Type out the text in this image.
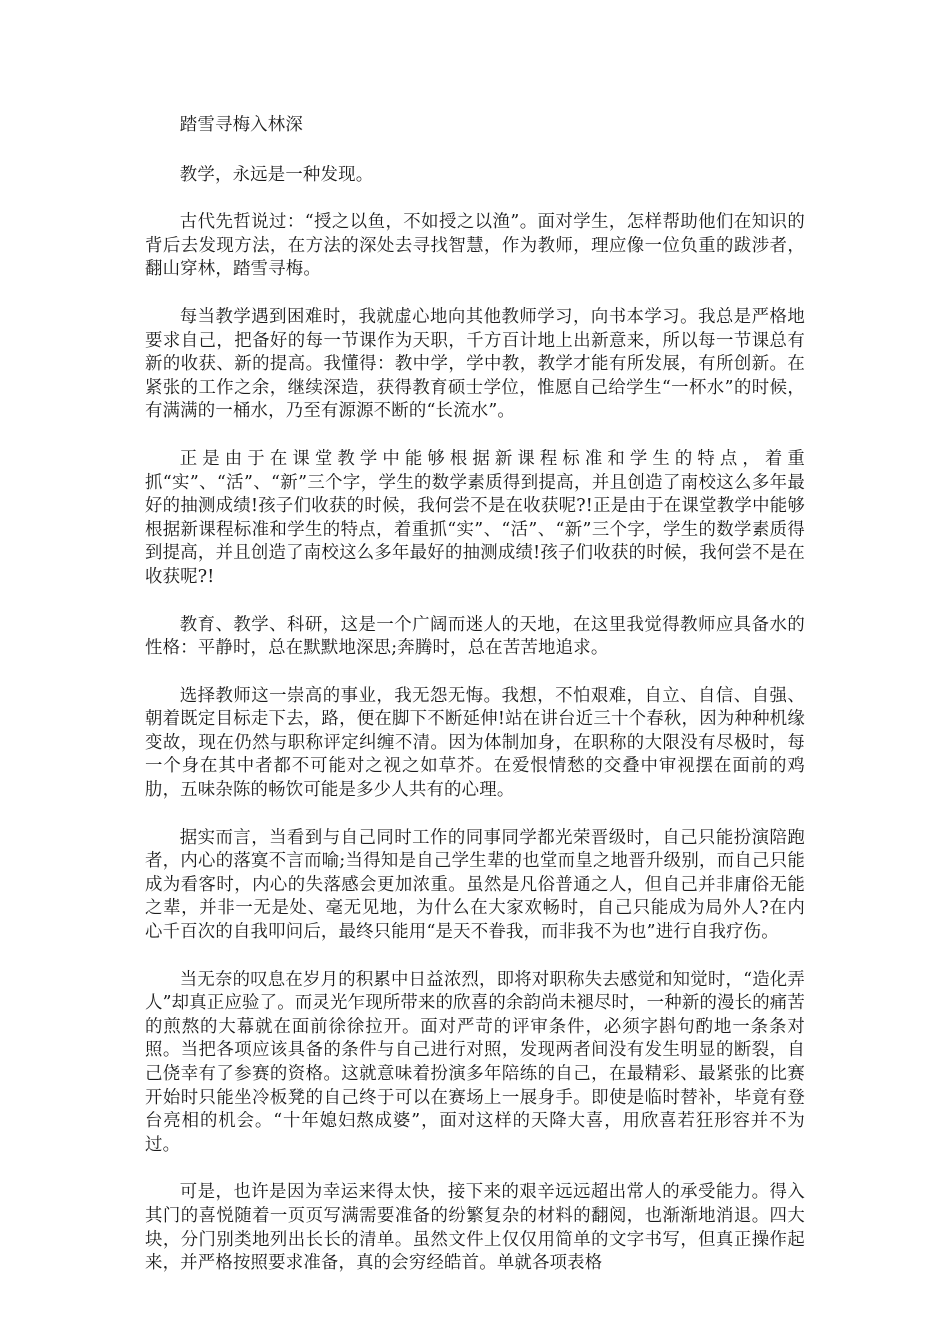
踏雪寻梅入林深

教学，永远是一种发现。

古代先哲说过：“授之以鱼，不如授之以渔”。面对学生，怎样帮助他们在知识的背后去发现方法，在方法的深处去寻找智慧，作为教师，理应像一位负重的跋涉者，翻山穿林，踏雪寻梅。

每当教学遇到困难时，我就虚心地向其他教师学习，向书本学习。我总是严格地要求自己，把备好的每一节课作为天职，千方百计地上出新意来，所以每一节课总有新的收获、新的提高。我懂得：教中学，学中教，教学才能有所发展，有所创新。在紧张的工作之余，继续深造，获得教育硕士学位，惟愿自己给学生“一杯水”的时候，有满满的一桶水，乃至有源源不断的“长流水”。

正是由于在课堂教学中能够根据新课程标准和学生的特点，着重抓“实”、“活”、“新”三个字，学生的数学素质得到提高，并且创造了南校这么多年最好的抽测成绩!孩子们收获的时候，我何尝不是在收获呢?!正是由于在课堂教学中能够根据新课程标准和学生的特点，着重抓“实”、“活”、“新”三个字，学生的数学素质得到提高，并且创造了南校这么多年最好的抽测成绩!孩子们收获的时候，我何尝不是在收获呢?!

教育、教学、科研，这是一个广阔而迷人的天地，在这里我觉得教师应具备水的性格：平静时，总在默默地深思;奔腾时，总在苦苦地追求。

选择教师这一崇高的事业，我无怨无悔。我想，不怕艰难，自立、自信、自强、朝着既定目标走下去，路，便在脚下不断延伸!站在讲台近三十个春秋，因为种种机缘变故，现在仍然与职称评定纠缠不清。因为体制加身，在职称的大限没有尽极时，每一个身在其中者都不可能对之视之如草芥。在爱恨情愁的交叠中审视摆在面前的鸡肋，五味杂陈的畅饮可能是多少人共有的心理。

据实而言，当看到与自己同时工作的同事同学都光荣晋级时，自己只能扮演陪跑者，内心的落寞不言而喻;当得知是自己学生辈的也堂而皇之地晋升级别，而自己只能成为看客时，内心的失落感会更加浓重。虽然是凡俗普通之人，但自己并非庸俗无能之辈，并非一无是处、毫无见地，为什么在大家欢畅时，自己只能成为局外人?在内心千百次的自我叩问后，最终只能用“是天不眷我，而非我不为也”进行自我疗伤。

当无奈的叹息在岁月的积累中日益浓烈，即将对职称失去感觉和知觉时，“造化弄人”却真正应验了。而灵光乍现所带来的欣喜的余韵尚未褪尽时，一种新的漫长的痛苦的煎熬的大幕就在面前徐徐拉开。面对严苛的评审条件，必须字斟句酌地一条条对照。当把各项应该具备的条件与自己进行对照，发现两者间没有发生明显的断裂，自己侥幸有了参赛的资格。这就意味着扮演多年陪练的自己，在最精彩、最紧张的比赛开始时只能坐冷板凳的自己终于可以在赛场上一展身手。即使是临时替补，毕竟有登台亮相的机会。“十年媳妇熬成婆”，面对这样的天降大喜，用欣喜若狂形容并不为过。

可是，也许是因为幸运来得太快，接下来的艰辛远远超出常人的承受能力。得入其门的喜悦随着一页页写满需要准备的纷繁复杂的材料的翻阅，也渐渐地消退。四大块，分门别类地列出长长的清单。虽然文件上仅仅用简单的文字书写，但真正操作起来，并严格按照要求准备，真的会穷经皓首。单就各项表格
